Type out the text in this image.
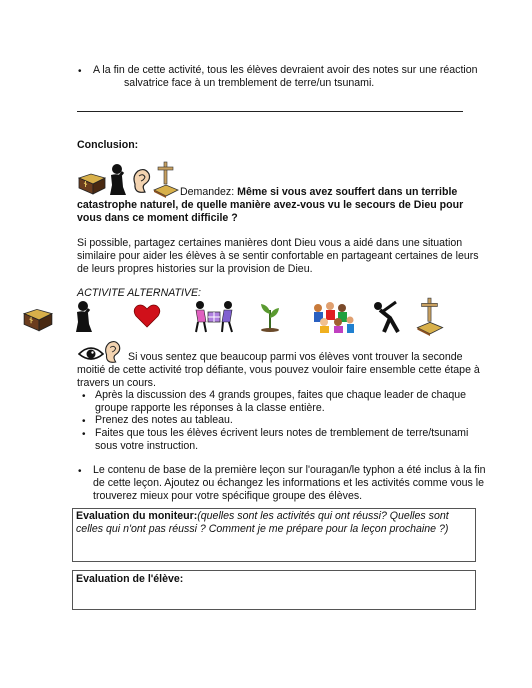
• A la fin de cette activité, tous les élèves devraient avoir des notes sur une réaction

salvatrice face à un tremblement de terre/un tsunami.

Conclusion:

Demandez: Même si vous avez souffert dans un terrible

catastrophe naturel, de quelle manière avez-vous vu le secours de Dieu pour

vous dans ce moment difficile ?

Si possible, partagez certaines manières dont Dieu vous a aidé dans une situation

similaire pour aider les élèves à se sentir confortable en partageant certaines de leurs

de leurs propres histories sur la provision de Dieu.

ACTIVITE ALTERNATIVE:

Si vous sentez que beaucoup parmi vos élèves vont trouver la seconde

moitié de cette activité trop défiante, vous pouvez vouloir faire ensemble cette étape à

travers un cours.

• Après la discussion des 4 grands groupes, faites que chaque leader de chaque

groupe rapporte les réponses à la classe entière.

• Prenez des notes au tableau.

• Faites que tous les élèves écrivent leurs notes de tremblement de terre/tsunami

sous votre instruction.

• Le contenu de base de la première leçon sur l'ouragan/le typhon a été inclus à la fin

de cette leçon. Ajoutez ou échangez les informations et les activités comme vous le

trouverez mieux pour votre spécifique groupe des élèves.

Evaluation du moniteur:(quelles sont les activités qui ont réussi? Quelles sont

celles qui n'ont pas réussi ? Comment je me prépare pour la leçon prochaine ?)

Evaluation de l'élève:
